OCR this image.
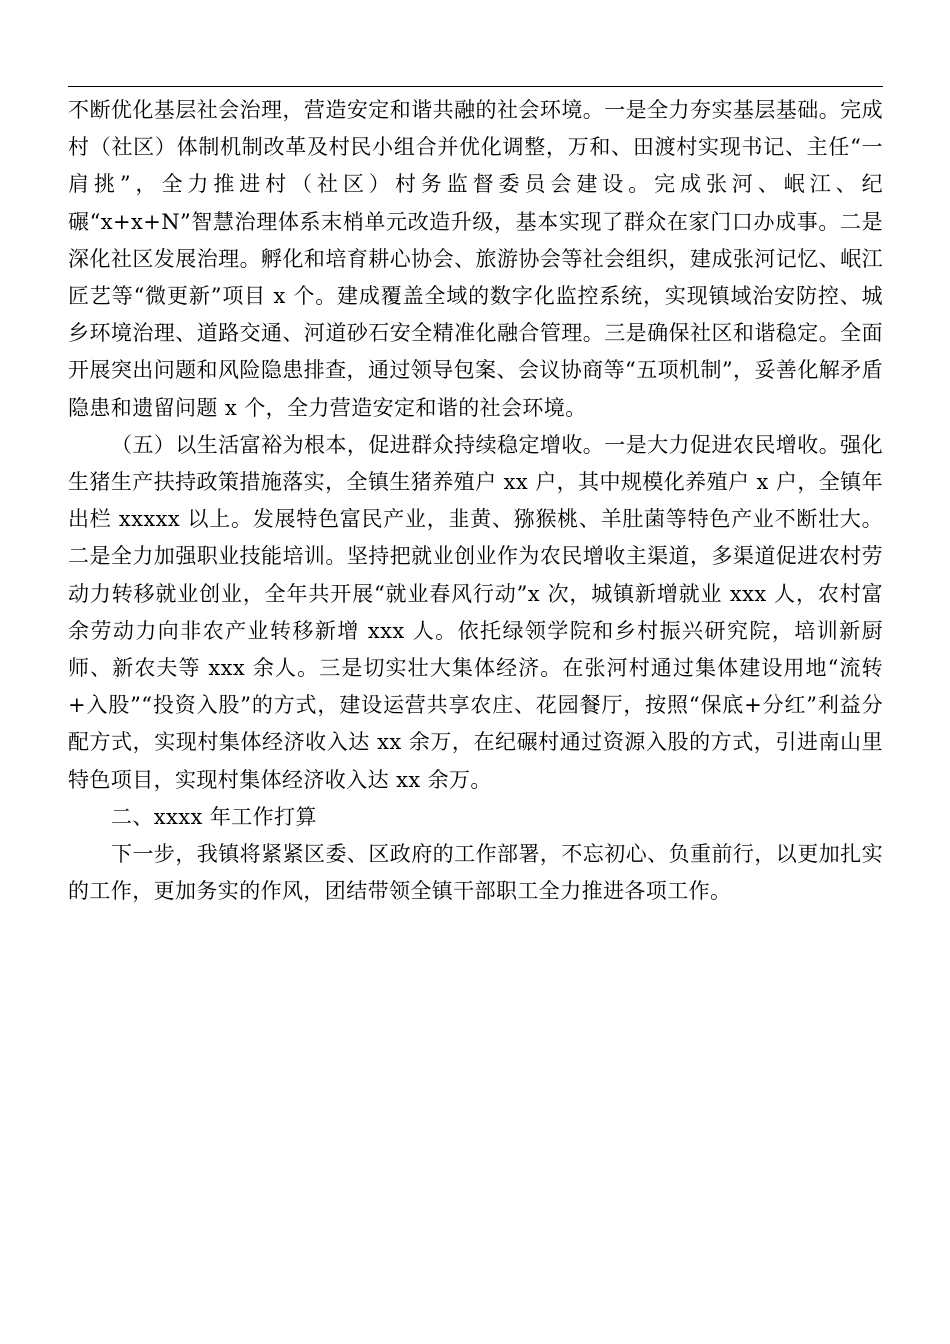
不断优化基层社会治理，营造安定和谐共融的社会环境。一是全力夯实基层基础。完成村（社区）体制机制改革及村民小组合并优化调整，万和、田渡村实现书记、主任“一肩挑”，全力推进村（社区）村务监督委员会建设。完成张河、岷江、纪碾“x+x+N”智慧治理体系末梢单元改造升级，基本实现了群众在家门口办成事。二是深化社区发展治理。孵化和培育耕心协会、旅游协会等社会组织，建成张河记忆、岷江匠艺等“微更新”项目 x 个。建成覆盖全域的数字化监控系统，实现镇域治安防控、城乡环境治理、道路交通、河道砂石安全精准化融合管理。三是确保社区和谐稳定。全面开展突出问题和风险隐患排查，通过领导包案、会议协商等“五项机制”，妥善化解矛盾隐患和遗留问题 x 个，全力营造安定和谐的社会环境。

（五）以生活富裕为根本，促进群众持续稳定增收。一是大力促进农民增收。强化生猪生产扶持政策措施落实，全镇生猪养殖户 xx 户，其中规模化养殖户 x 户，全镇年出栏 xxxxx 以上。发展特色富民产业，韭黄、猕猴桃、羊肚菌等特色产业不断壮大。二是全力加强职业技能培训。坚持把就业创业作为农民增收主渠道，多渠道促进农村劳动力转移就业创业，全年共开展“就业春风行动”x 次，城镇新增就业 xxx 人，农村富余劳动力向非农产业转移新增 xxx 人。依托绿领学院和乡村振兴研究院，培训新厨师、新农夫等 xxx 余人。三是切实壮大集体经济。在张河村通过集体建设用地“流转+入股”“投资入股”的方式，建设运营共享农庄、花园餐厅，按照“保底+分红”利益分配方式，实现村集体经济收入达 xx 余万，在纪碾村通过资源入股的方式，引进南山里特色项目，实现村集体经济收入达 xx 余万。

二、xxxx 年工作打算

下一步，我镇将紧紧区委、区政府的工作部署，不忘初心、负重前行，以更加扎实的工作，更加务实的作风，团结带领全镇干部职工全力推进各项工作。
